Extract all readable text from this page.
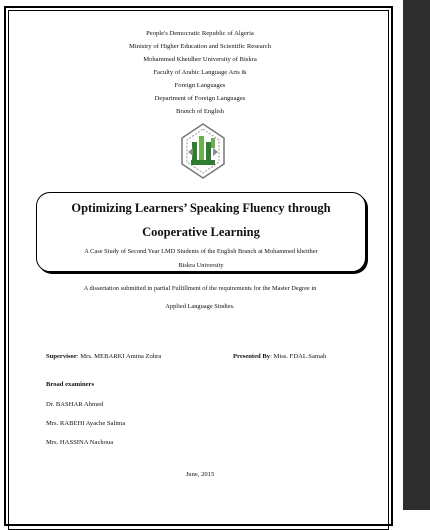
People's Democratic Republic of Algeria
Ministry of Higher Education and Scientific Research
Mohammed Kheidher University of Biskra
Faculty of Arabic Language Arts &
Foreign Languages
Department of Foreign Languages
Branch of English
Optimizing Learners’ Speaking Fluency through
Cooperative Learning
A Case Study of Second Year LMD Students of the English Branch at Mohammed kheither
Biskra University
A dissertation submitted in partial Fulfillment of the requirements for the Master Degree in
Applied Language Studies.
Supervisor: Mrs. MEBARKI Amina Zohra	Presented By: Miss. FDAL Samah
Broad examiners
Dr. BASHAR Ahmed
Mrs. RABEHI Ayache Salima
Mrs. HASSINA Nachoua
June, 2015
